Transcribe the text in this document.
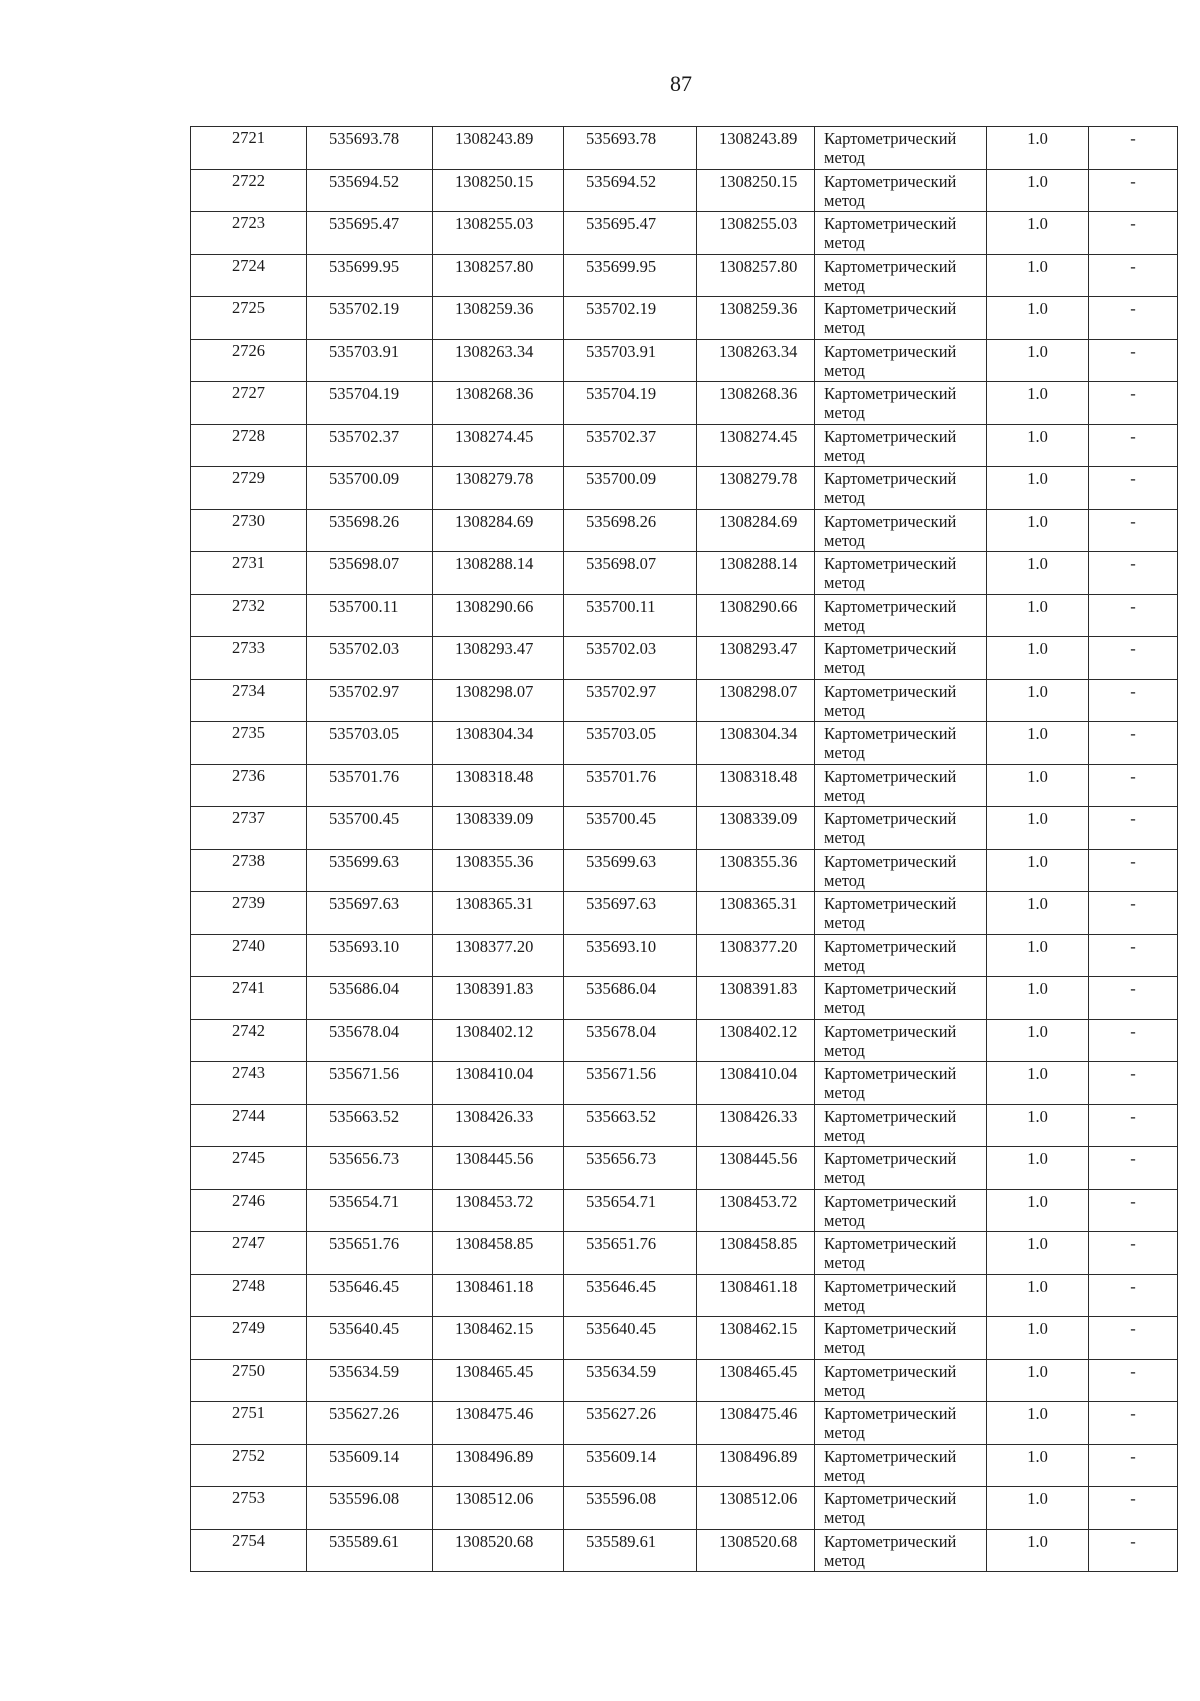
87
2721	535693.78	1308243.89	535693.78	1308243.89	Картометрический
метод	1.0	-
2722	535694.52	1308250.15	535694.52	1308250.15	Картометрический
метод	1.0	-
2723	535695.47	1308255.03	535695.47	1308255.03	Картометрический
метод	1.0	-
2724	535699.95	1308257.80	535699.95	1308257.80	Картометрический
метод	1.0	-
2725	535702.19	1308259.36	535702.19	1308259.36	Картометрический
метод	1.0	-
2726	535703.91	1308263.34	535703.91	1308263.34	Картометрический
метод	1.0	-
2727	535704.19	1308268.36	535704.19	1308268.36	Картометрический
метод	1.0	-
2728	535702.37	1308274.45	535702.37	1308274.45	Картометрический
метод	1.0	-
2729	535700.09	1308279.78	535700.09	1308279.78	Картометрический
метод	1.0	-
2730	535698.26	1308284.69	535698.26	1308284.69	Картометрический
метод	1.0	-
2731	535698.07	1308288.14	535698.07	1308288.14	Картометрический
метод	1.0	-
2732	535700.11	1308290.66	535700.11	1308290.66	Картометрический
метод	1.0	-
2733	535702.03	1308293.47	535702.03	1308293.47	Картометрический
метод	1.0	-
2734	535702.97	1308298.07	535702.97	1308298.07	Картометрический
метод	1.0	-
2735	535703.05	1308304.34	535703.05	1308304.34	Картометрический
метод	1.0	-
2736	535701.76	1308318.48	535701.76	1308318.48	Картометрический
метод	1.0	-
2737	535700.45	1308339.09	535700.45	1308339.09	Картометрический
метод	1.0	-
2738	535699.63	1308355.36	535699.63	1308355.36	Картометрический
метод	1.0	-
2739	535697.63	1308365.31	535697.63	1308365.31	Картометрический
метод	1.0	-
2740	535693.10	1308377.20	535693.10	1308377.20	Картометрический
метод	1.0	-
2741	535686.04	1308391.83	535686.04	1308391.83	Картометрический
метод	1.0	-
2742	535678.04	1308402.12	535678.04	1308402.12	Картометрический
метод	1.0	-
2743	535671.56	1308410.04	535671.56	1308410.04	Картометрический
метод	1.0	-
2744	535663.52	1308426.33	535663.52	1308426.33	Картометрический
метод	1.0	-
2745	535656.73	1308445.56	535656.73	1308445.56	Картометрический
метод	1.0	-
2746	535654.71	1308453.72	535654.71	1308453.72	Картометрический
метод	1.0	-
2747	535651.76	1308458.85	535651.76	1308458.85	Картометрический
метод	1.0	-
2748	535646.45	1308461.18	535646.45	1308461.18	Картометрический
метод	1.0	-
2749	535640.45	1308462.15	535640.45	1308462.15	Картометрический
метод	1.0	-
2750	535634.59	1308465.45	535634.59	1308465.45	Картометрический
метод	1.0	-
2751	535627.26	1308475.46	535627.26	1308475.46	Картометрический
метод	1.0	-
2752	535609.14	1308496.89	535609.14	1308496.89	Картометрический
метод	1.0	-
2753	535596.08	1308512.06	535596.08	1308512.06	Картометрический
метод	1.0	-
2754	535589.61	1308520.68	535589.61	1308520.68	Картометрический
метод	1.0	-
